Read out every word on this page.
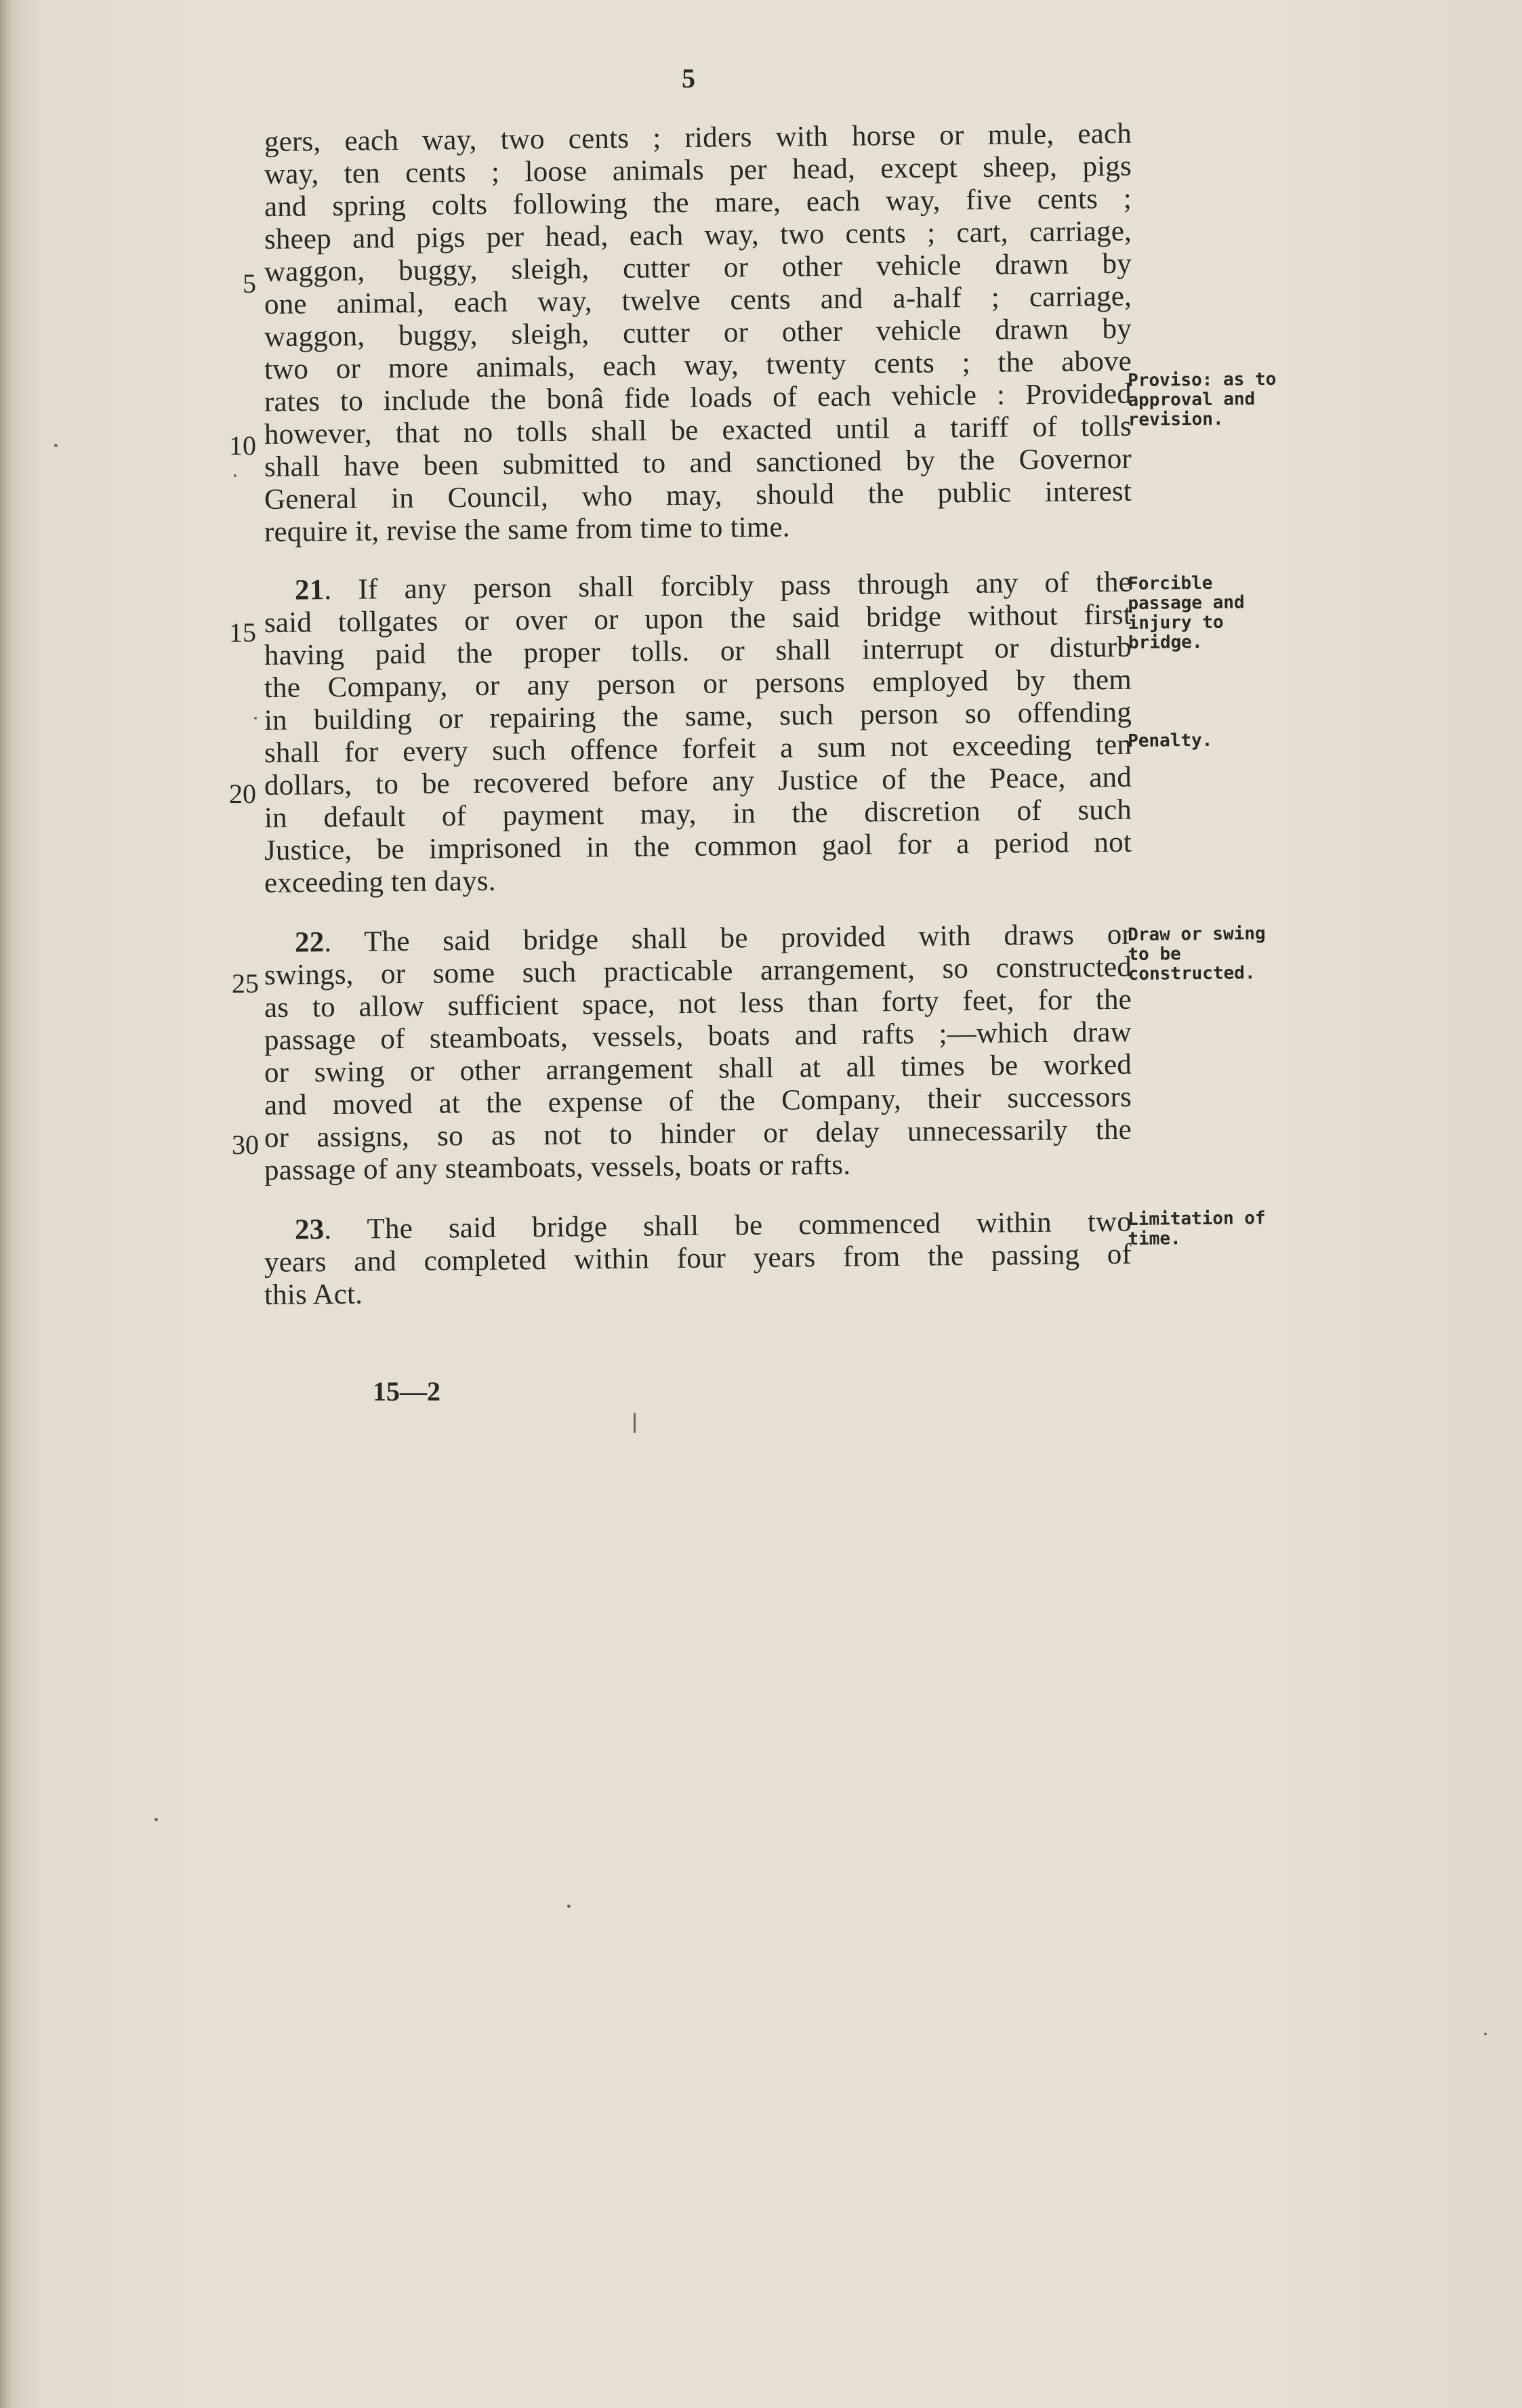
5
gers, each way, two cents ; riders with horse or mule, each
way, ten cents ; loose animals per head, except sheep, pigs
and spring colts following the mare, each way, five cents ;
sheep and pigs per head, each way, two cents ; cart, carriage,
waggon, buggy, sleigh, cutter or other vehicle drawn by
one animal, each way, twelve cents and a-half ; carriage,
waggon, buggy, sleigh, cutter or other vehicle drawn by
two or more animals, each way, twenty cents ; the above
rates to include the bonâ fide loads of each vehicle : Provided
however, that no tolls shall be exacted until a tariff of tolls
shall have been submitted to and sanctioned by the Governor
General in Council, who may, should the public interest
require it, revise the same from time to time.
21. If any person shall forcibly pass through any of the
said tollgates or over or upon the said bridge without first
having paid the proper tolls. or shall interrupt or disturb
the Company, or any person or persons employed by them
in building or repairing the same, such person so offending
shall for every such offence forfeit a sum not exceeding ten
dollars, to be recovered before any Justice of the Peace, and
in default of payment may, in the discretion of such
Justice, be imprisoned in the common gaol for a period not
exceeding ten days.
22. The said bridge shall be provided with draws or
swings, or some such practicable arrangement, so constructed
as to allow sufficient space, not less than forty feet, for the
passage of steamboats, vessels, boats and rafts ;—which draw
or swing or other arrangement shall at all times be worked
and moved at the expense of the Company, their successors
or assigns, so as not to hinder or delay unnecessarily the
passage of any steamboats, vessels, boats or rafts.
23. The said bridge shall be commenced within two
years and completed within four years from the passing of
this Act.
5
10
15
20
25
30
Proviso: as to approval and revision.
Forcible passage and injury to bridge.
Penalty.
Draw or swing to be constructed.
Limitation of time.
15—2
